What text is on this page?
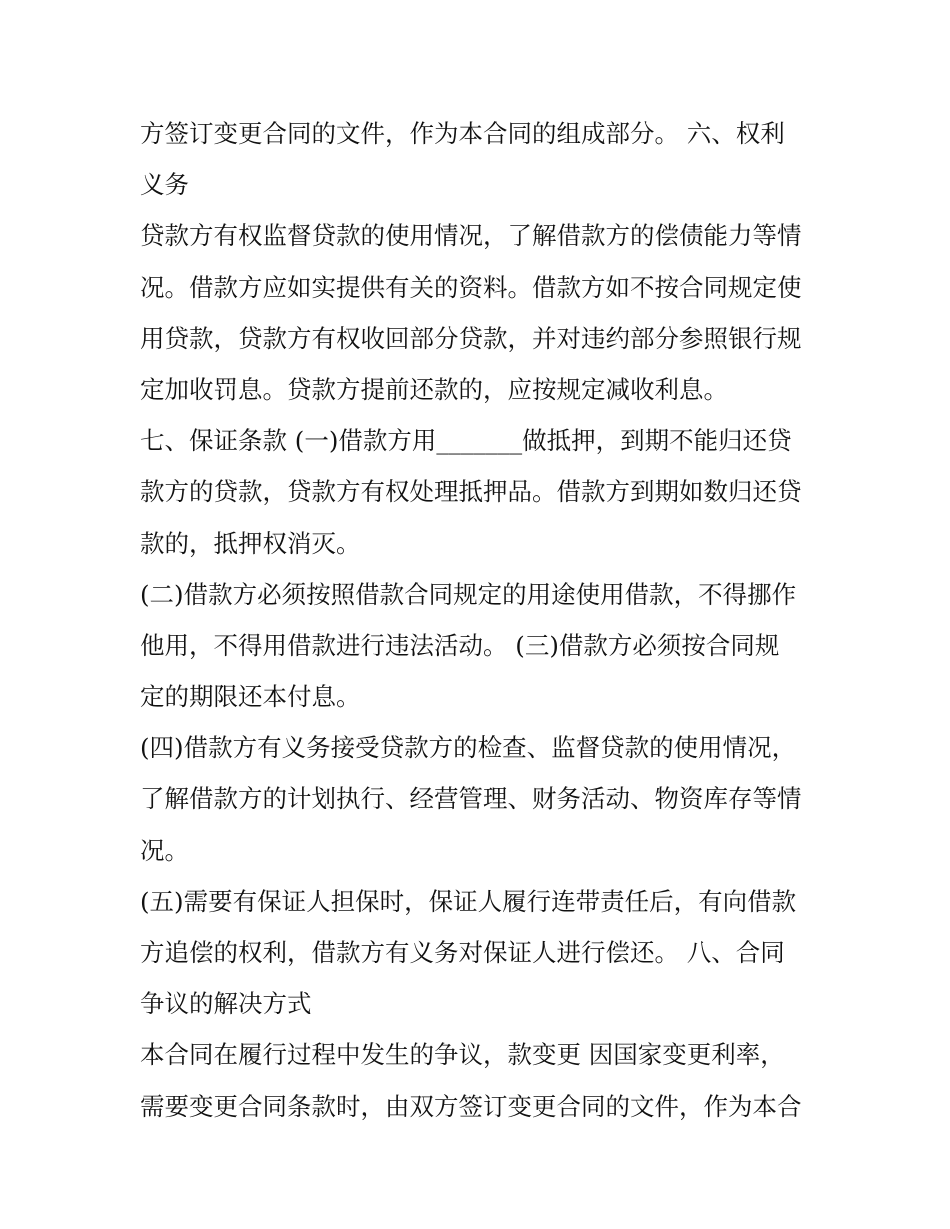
方签订变更合同的文件，作为本合同的组成部分。 六、权利
义务
贷款方有权监督贷款的使用情况，了解借款方的偿债能力等情
况。借款方应如实提供有关的资料。借款方如不按合同规定使
用贷款，贷款方有权收回部分贷款，并对违约部分参照银行规
定加收罚息。贷款方提前还款的，应按规定减收利息。
七、保证条款 (一)借款方用_______做抵押，到期不能归还贷
款方的贷款，贷款方有权处理抵押品。借款方到期如数归还贷
款的，抵押权消灭。
(二)借款方必须按照借款合同规定的用途使用借款，不得挪作
他用，不得用借款进行违法活动。 (三)借款方必须按合同规
定的期限还本付息。
(四)借款方有义务接受贷款方的检查、监督贷款的使用情况，
了解借款方的计划执行、经营管理、财务活动、物资库存等情
况。
(五)需要有保证人担保时，保证人履行连带责任后，有向借款
方追偿的权利，借款方有义务对保证人进行偿还。 八、合同
争议的解决方式
本合同在履行过程中发生的争议，款变更 因国家变更利率，
需要变更合同条款时，由双方签订变更合同的文件，作为本合
